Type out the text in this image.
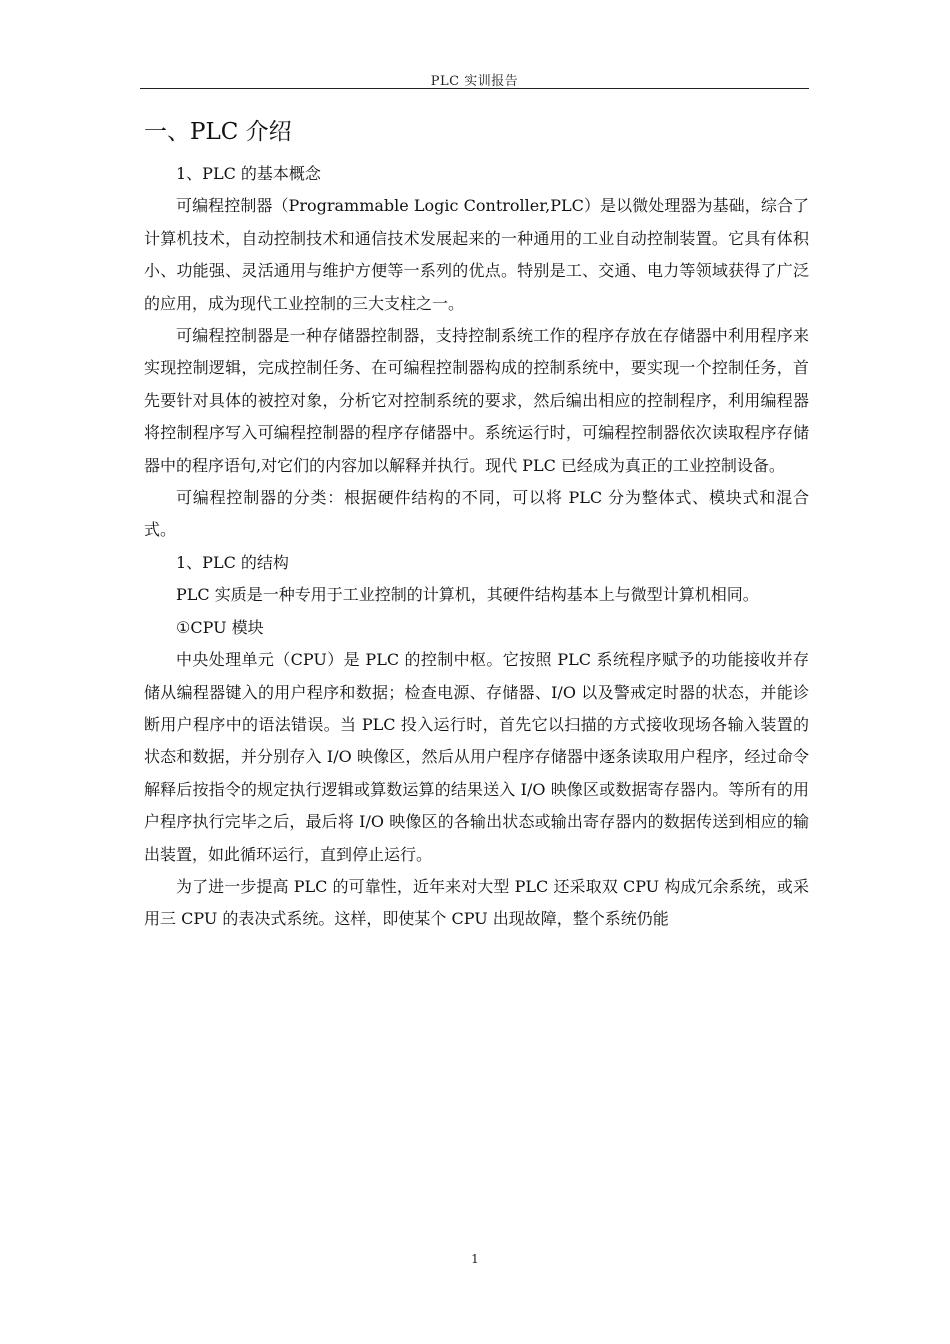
PLC 实训报告
一、PLC 介绍

1、PLC 的基本概念

可编程控制器（Programmable Logic Controller,PLC）是以微处理器为基础，综合了计算机技术，自动控制技术和通信技术发展起来的一种通用的工业自动控制装置。它具有体积小、功能强、灵活通用与维护方便等一系列的优点。特别是工、交通、电力等领域获得了广泛的应用，成为现代工业控制的三大支柱之一。

可编程控制器是一种存储器控制器，支持控制系统工作的程序存放在存储器中利用程序来实现控制逻辑，完成控制任务、在可编程控制器构成的控制系统中，要实现一个控制任务，首先要针对具体的被控对象，分析它对控制系统的要求，然后编出相应的控制程序，利用编程器将控制程序写入可编程控制器的程序存储器中。系统运行时，可编程控制器依次读取程序存储器中的程序语句,对它们的内容加以解释并执行。现代 PLC 已经成为真正的工业控制设备。

可编程控制器的分类：根据硬件结构的不同，可以将 PLC 分为整体式、模块式和混合式。

1、PLC 的结构

PLC 实质是一种专用于工业控制的计算机，其硬件结构基本上与微型计算机相同。

①CPU 模块

中央处理单元（CPU）是 PLC 的控制中枢。它按照 PLC 系统程序赋予的功能接收并存储从编程器键入的用户程序和数据；检查电源、存储器、I/O 以及警戒定时器的状态，并能诊断用户程序中的语法错误。当 PLC 投入运行时，首先它以扫描的方式接收现场各输入装置的状态和数据，并分别存入 I/O 映像区，然后从用户程序存储器中逐条读取用户程序，经过命令解释后按指令的规定执行逻辑或算数运算的结果送入 I/O 映像区或数据寄存器内。等所有的用户程序执行完毕之后，最后将 I/O 映像区的各输出状态或输出寄存器内的数据传送到相应的输出装置，如此循环运行，直到停止运行。

为了进一步提高 PLC 的可靠性，近年来对大型 PLC 还采取双 CPU 构成冗余系统，或采用三 CPU 的表决式系统。这样，即使某个 CPU 出现故障，整个系统仍能

1
